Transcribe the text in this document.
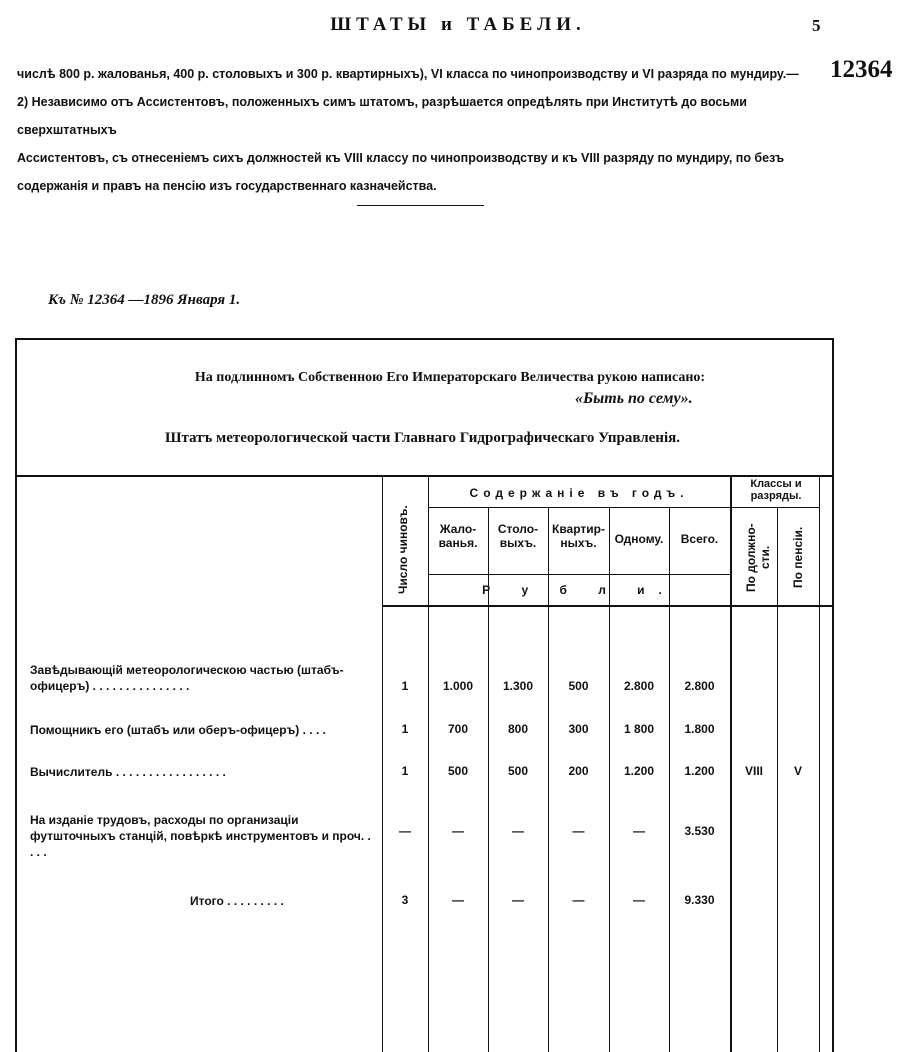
ШТАТЫ и ТАБЕЛИ.	5
числѣ 800 р. жалованья, 400 р. столовыхъ и 300 р. квартирныхъ), VI класса по чинопроизводству и VI разряда по мундиру.—
2) Независимо отъ Ассистентовъ, положенныхъ симъ штатомъ, разрѣшается опредѣлять при Институтѣ до восьми сверхштатныхъ
Ассистентовъ, съ отнесеніемъ сихъ должностей къ VIII классу по чинопроизводству и къ VIII разряду по мундиру, по безъ
содержанія и правъ на пенсію изъ государственнаго казначейства.
12364
Къ № 12364 —1896 Января 1.
На подлинномъ Собственною Его Императорскаго Величества рукою написано:
«Быть по сему».
Штатъ метеорологической части Главнаго Гидрографическаго Управленія.
Число чиновъ.
Содержаніе въ годъ.
Жало-ванья.
Столо-выхъ.
Квартир-ныхъ.	Одному.	Всего.
Р у б л и.
Классы и разряды.
По должно-сти. По пенсіи.
Завѣдывающій метеорологическою частью (штабъ-офицеръ) . . . . . . . . . . . . . . .	1	1.000	1.300	500	2.800	2.800
Помощникъ его (штабъ или оберъ-офицеръ) . . . .	1	700	800	300	1 800	1.800
Вычислитель . . . . . . . . . . . . . . . . .	1	500	500	200	1.200	1.200	VIII	V
На изданіе трудовъ, расходы по организаціи футшточныхъ станцій, повѣркѣ инструментовъ и проч. . . . .
—	—	—	—	—	3.530
Итого . . . . . . . . .	3	—	—	—	—	9.330
